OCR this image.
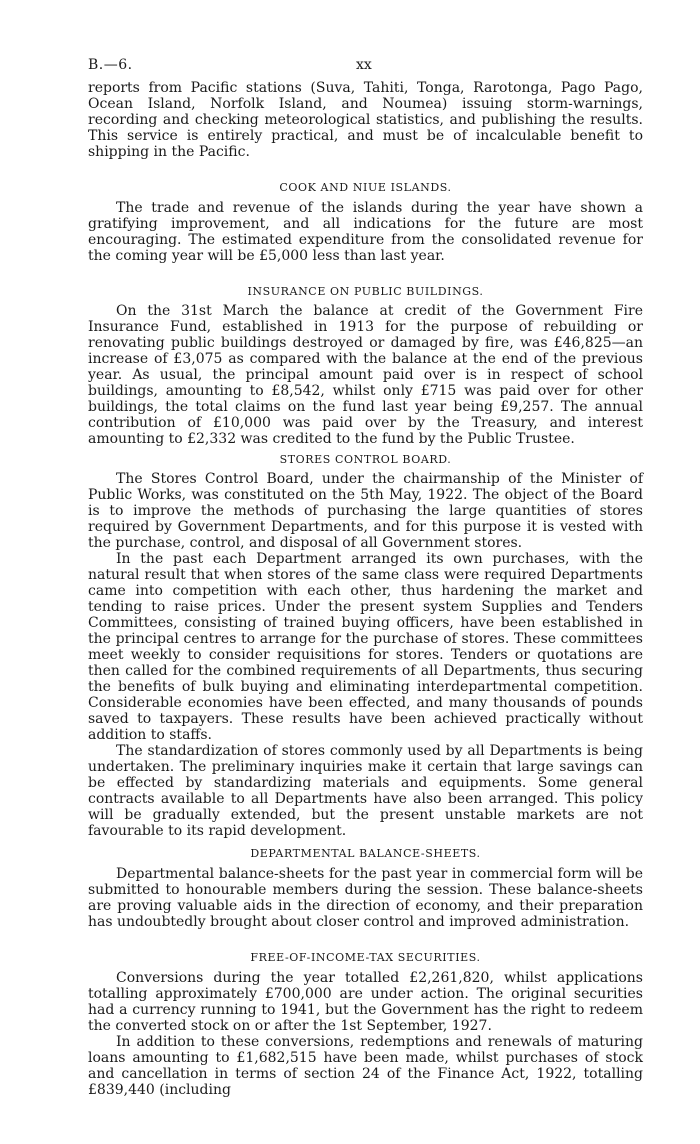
B.—6.	xx

reports from Pacific stations (Suva, Tahiti, Tonga, Rarotonga, Pago Pago, Ocean Island, Norfolk Island, and Noumea) issuing storm-warnings, recording and checking meteorological statistics, and publishing the results. This service is entirely practical, and must be of incalculable benefit to shipping in the Pacific.

COOK AND NIUE ISLANDS.

The trade and revenue of the islands during the year have shown a gratifying improvement, and all indications for the future are most encouraging. The estimated expenditure from the consolidated revenue for the coming year will be £5,000 less than last year.

INSURANCE ON PUBLIC BUILDINGS.

On the 31st March the balance at credit of the Government Fire Insurance Fund, established in 1913 for the purpose of rebuilding or renovating public buildings destroyed or damaged by fire, was £46,825—an increase of £3,075 as compared with the balance at the end of the previous year. As usual, the principal amount paid over is in respect of school buildings, amounting to £8,542, whilst only £715 was paid over for other buildings, the total claims on the fund last year being £9,257. The annual contribution of £10,000 was paid over by the Treasury, and interest amounting to £2,332 was credited to the fund by the Public Trustee.

STORES CONTROL BOARD.

The Stores Control Board, under the chairmanship of the Minister of Public Works, was constituted on the 5th May, 1922. The object of the Board is to improve the methods of purchasing the large quantities of stores required by Government Departments, and for this purpose it is vested with the purchase, control, and disposal of all Government stores.

In the past each Department arranged its own purchases, with the natural result that when stores of the same class were required Departments came into competition with each other, thus hardening the market and tending to raise prices. Under the present system Supplies and Tenders Committees, consisting of trained buying officers, have been established in the principal centres to arrange for the purchase of stores. These committees meet weekly to consider requisitions for stores. Tenders or quotations are then called for the combined requirements of all Departments, thus securing the benefits of bulk buying and eliminating interdepartmental competition. Considerable economies have been effected, and many thousands of pounds saved to taxpayers. These results have been achieved practically without addition to staffs.

The standardization of stores commonly used by all Departments is being undertaken. The preliminary inquiries make it certain that large savings can be effected by standardizing materials and equipments. Some general contracts available to all Departments have also been arranged. This policy will be gradually extended, but the present unstable markets are not favourable to its rapid development.

DEPARTMENTAL BALANCE-SHEETS.

Departmental balance-sheets for the past year in commercial form will be submitted to honourable members during the session. These balance-sheets are proving valuable aids in the direction of economy, and their preparation has undoubtedly brought about closer control and improved administration.

FREE-OF-INCOME-TAX SECURITIES.

Conversions during the year totalled £2,261,820, whilst applications totalling approximately £700,000 are under action. The original securities had a currency running to 1941, but the Government has the right to redeem the converted stock on or after the 1st September, 1927.

In addition to these conversions, redemptions and renewals of maturing loans amounting to £1,682,515 have been made, whilst purchases of stock and cancellation in terms of section 24 of the Finance Act, 1922, totalling £839,440 (including
